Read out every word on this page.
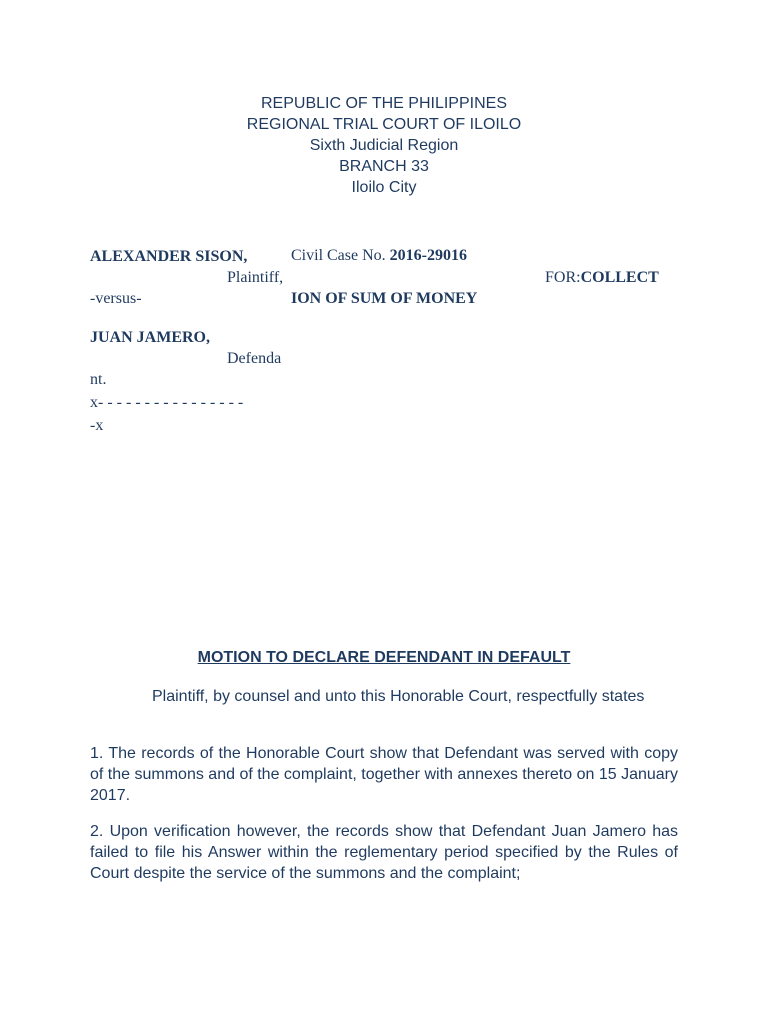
REPUBLIC OF THE PHILIPPINES
REGIONAL TRIAL COURT OF ILOILO
Sixth Judicial Region
BRANCH 33
Iloilo City
ALEXANDER SISON,	Civil Case No. 2016-29016
Plaintiff,	FOR:COLLECT
-versus-	ION OF SUM OF MONEY
JUAN JAMERO,
Defenda
nt.
x- - - - - - - - - - - - - - - -
-x
MOTION TO DECLARE DEFENDANT IN DEFAULT
Plaintiff, by counsel and unto this Honorable Court, respectfully states
1. The records of the Honorable Court show that Defendant was served with copy of the summons and of the complaint, together with annexes thereto on 15 January 2017.
2. Upon verification however, the records show that Defendant Juan Jamero has failed to file his Answer within the reglementary period specified by the Rules of Court despite the service of the summons and the complaint;
